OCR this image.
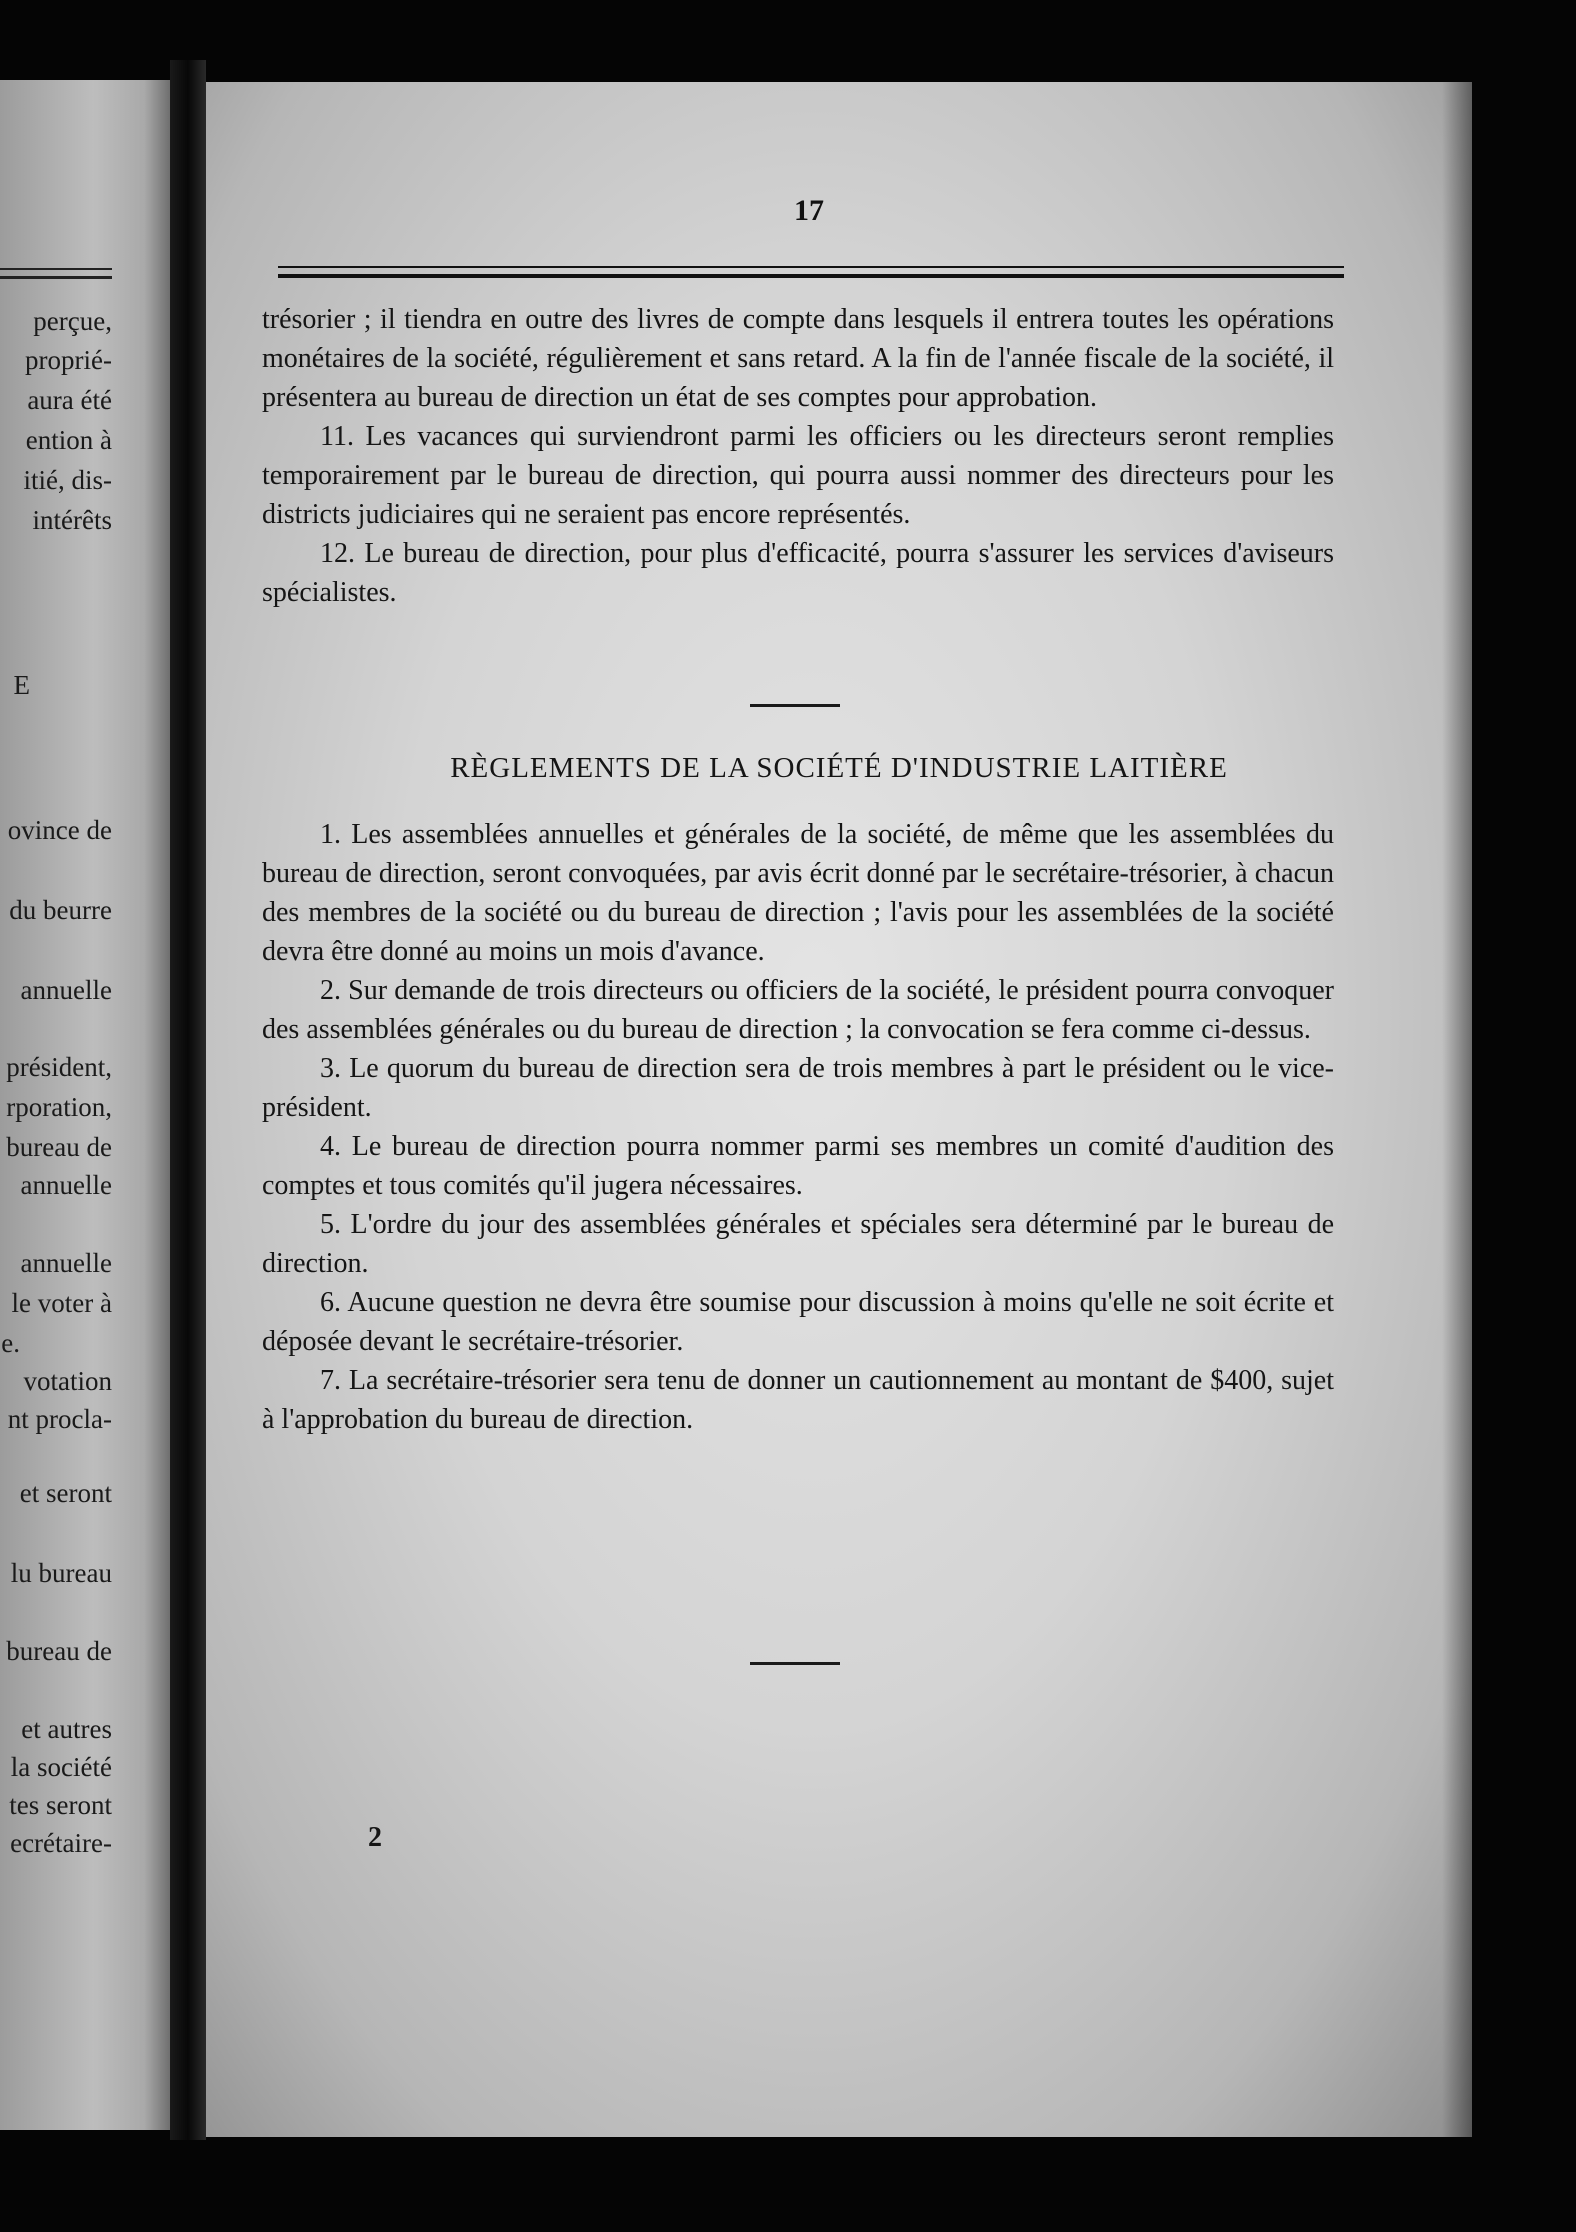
perçue,
proprié-
aura été
ention à
itié, dis-
intérêts
E
ovince de
du beurre
annuelle
président,
rporation,
bureau de
annuelle
annuelle
le voter à
e.
votation
nt procla-
et seront
lu bureau
bureau de
et autres
la société
tes seront
ecrétaire-
17

trésorier ; il tiendra en outre des livres de compte dans lesquels il entrera toutes les opérations monétaires de la société, régulièrement et sans retard. A la fin de l'année fiscale de la société, il présentera au bureau de direction un état de ses comptes pour approbation.

11. Les vacances qui surviendront parmi les officiers ou les directeurs seront remplies temporairement par le bureau de direction, qui pourra aussi nommer des directeurs pour les districts judiciaires qui ne seraient pas encore représentés.

12. Le bureau de direction, pour plus d'efficacité, pourra s'assurer les services d'aviseurs spécialistes.

RÈGLEMENTS DE LA SOCIÉTÉ D'INDUSTRIE LAITIÈRE

1. Les assemblées annuelles et générales de la société, de même que les assemblées du bureau de direction, seront convoquées, par avis écrit donné par le secrétaire-trésorier, à chacun des membres de la société ou du bureau de direction ; l'avis pour les assemblées de la société devra être donné au moins un mois d'avance.

2. Sur demande de trois directeurs ou officiers de la société, le président pourra convoquer des assemblées générales ou du bureau de direction ; la convocation se fera comme ci-dessus.

3. Le quorum du bureau de direction sera de trois membres à part le président ou le vice-président.

4. Le bureau de direction pourra nommer parmi ses membres un comité d'audition des comptes et tous comités qu'il jugera nécessaires.

5. L'ordre du jour des assemblées générales et spéciales sera déterminé par le bureau de direction.

6. Aucune question ne devra être soumise pour discussion à moins qu'elle ne soit écrite et déposée devant le secrétaire-trésorier.

7. La secrétaire-trésorier sera tenu de donner un cautionnement au montant de $400, sujet à l'approbation du bureau de direction.

2
